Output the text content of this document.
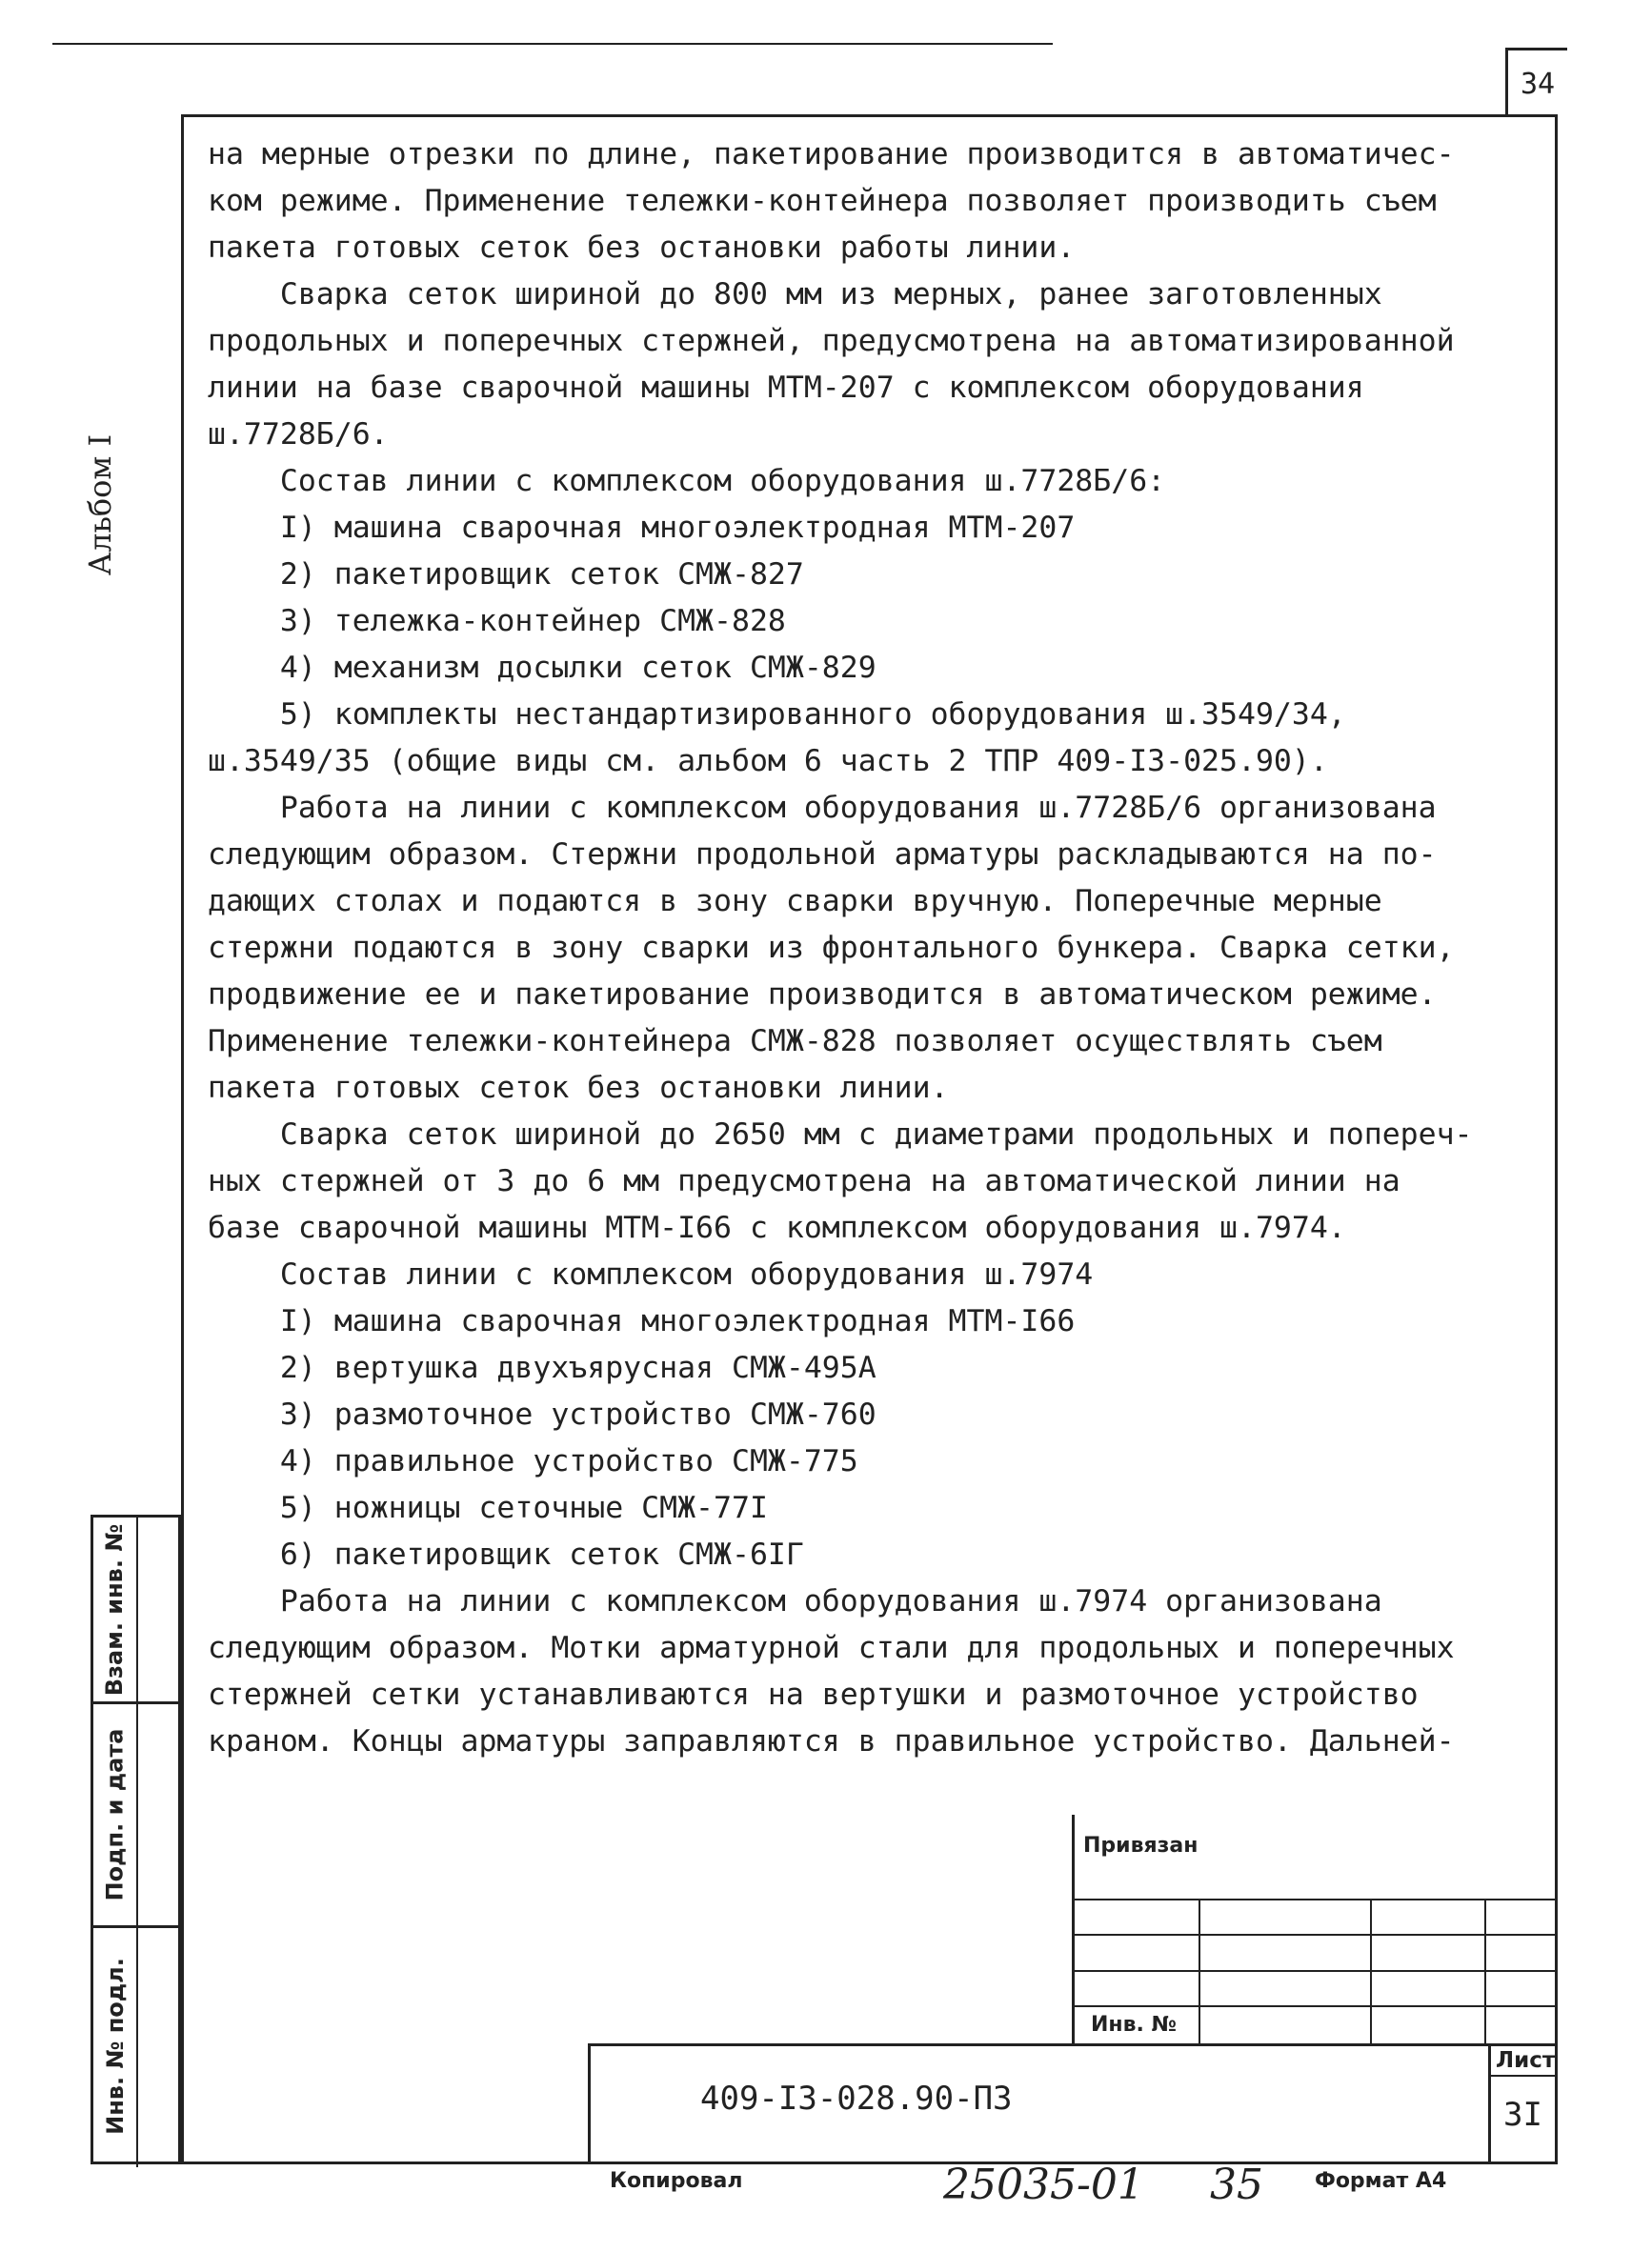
34
Альбом I

на мерные отрезки по длине, пакетирование производится в автоматичес-

ком режиме. Применение тележки-контейнера позволяет производить съем

пакета готовых сеток без остановки работы линии.

Сварка сеток шириной до 800 мм из мерных, ранее заготовленных

продольных и поперечных стержней, предусмотрена на автоматизированной

линии на базе сварочной машины МТМ-207 с комплексом оборудования

ш.7728Б/6.

Состав линии с комплексом оборудования ш.7728Б/6:

I) машина сварочная многоэлектродная МТМ-207

2) пакетировщик сеток СМЖ-827

3) тележка-контейнер СМЖ-828

4) механизм досылки сеток СМЖ-829

5) комплекты нестандартизированного оборудования ш.3549/34,

ш.3549/35 (общие виды см. альбом 6 часть 2 ТПР 409-I3-025.90).

Работа на линии с комплексом оборудования ш.7728Б/6 организована

следующим образом. Стержни продольной арматуры раскладываются на по-

дающих столах и подаются в зону сварки вручную. Поперечные мерные

стержни подаются в зону сварки из фронтального бункера. Сварка сетки,

продвижение ее и пакетирование производится в автоматическом режиме.

Применение тележки-контейнера СМЖ-828 позволяет осуществлять съем

пакета готовых сеток без остановки линии.

Сварка сеток шириной до 2650 мм с диаметрами продольных и попереч-

ных стержней от 3 до 6 мм предусмотрена на автоматической линии на

базе сварочной машины МТМ-I66 с комплексом оборудования ш.7974.

Состав линии с комплексом оборудования ш.7974

I) машина сварочная многоэлектродная МТМ-I66

2) вертушка двухъярусная СМЖ-495А

3) размоточное устройство СМЖ-760

4) правильное устройство СМЖ-775

5) ножницы сеточные СМЖ-77I

6) пакетировщик сеток СМЖ-6IГ

Работа на линии с комплексом оборудования ш.7974 организована

следующим образом. Мотки арматурной стали для продольных и поперечных

стержней сетки устанавливаются на вертушки и размоточное устройство

краном. Концы арматуры заправляются в правильное устройство. Дальней-

Взам. инв. №
Подп. и дата
Инв. № подл.
Привязан
Инв. №
409-I3-028.90-ПЗ
Лист
3I
Копировал	25035-01 35 Формат А4
